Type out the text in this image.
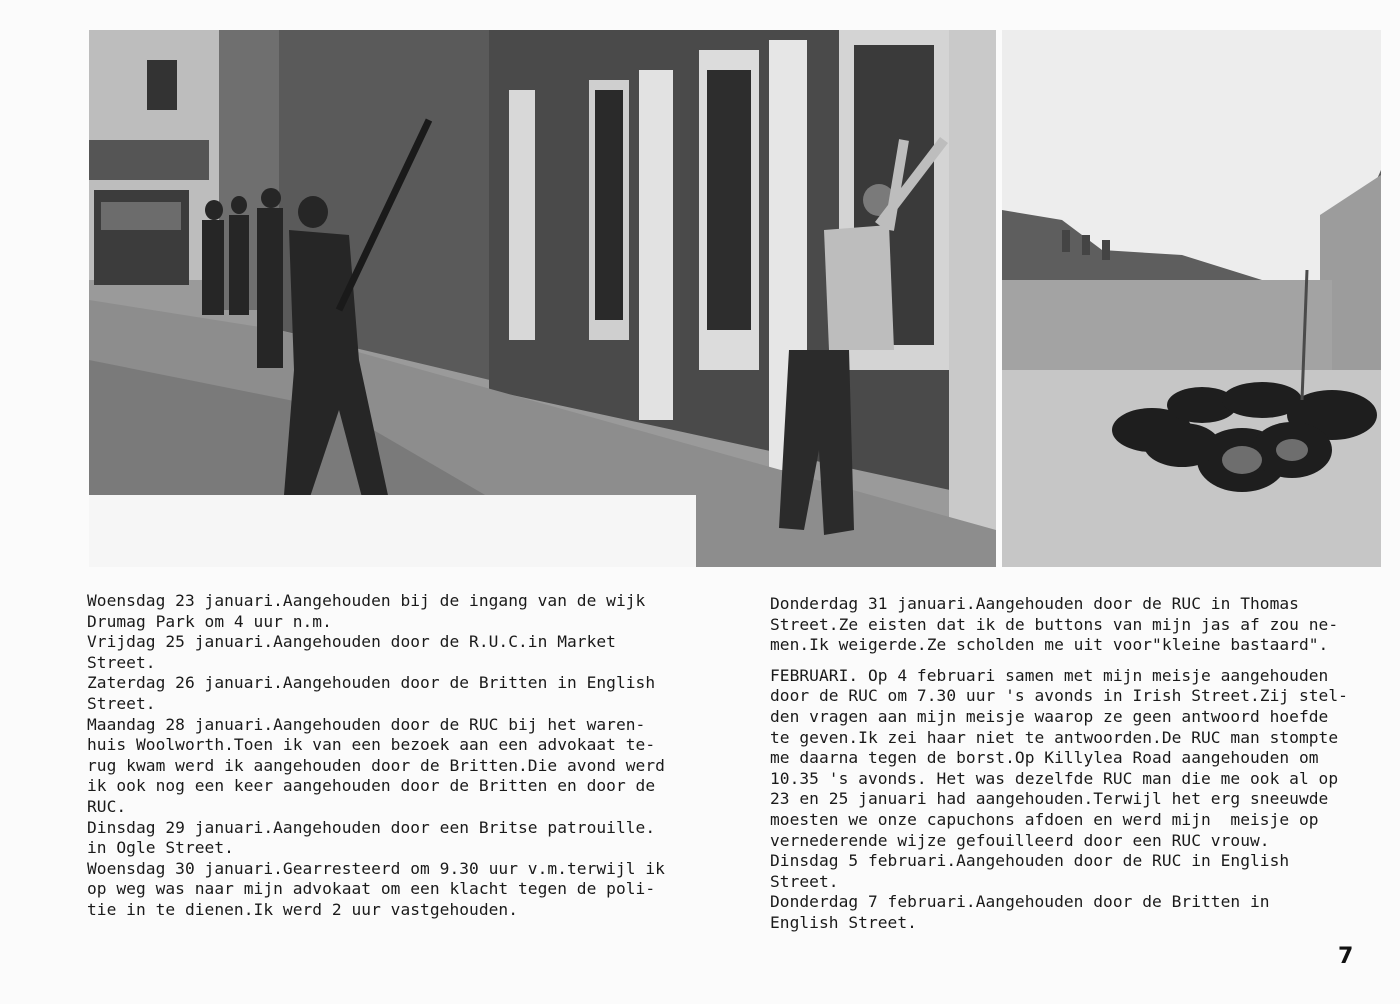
Woensdag 23 januari.Aangehouden bij de ingang van de wijk
Drumag Park om 4 uur n.m.
Vrijdag 25 januari.Aangehouden door de R.U.C.in Market
Street.
Zaterdag 26 januari.Aangehouden door de Britten in English
Street.
Maandag 28 januari.Aangehouden door de RUC bij het waren-
huis Woolworth.Toen ik van een bezoek aan een advokaat te-
rug kwam werd ik aangehouden door de Britten.Die avond werd
ik ook nog een keer aangehouden door de Britten en door de
RUC.
Dinsdag 29 januari.Aangehouden door een Britse patrouille.
in Ogle Street.
Woensdag 30 januari.Gearresteerd om 9.30 uur v.m.terwijl ik
op weg was naar mijn advokaat om een klacht tegen de poli-
tie in te dienen.Ik werd 2 uur vastgehouden.
Donderdag 31 januari.Aangehouden door de RUC in Thomas
Street.Ze eisten dat ik de buttons van mijn jas af zou ne-
men.Ik weigerde.Ze scholden me uit voor"kleine bastaard".
FEBRUARI. Op 4 februari samen met mijn meisje aangehouden
door de RUC om 7.30 uur 's avonds in Irish Street.Zij stel-
den vragen aan mijn meisje waarop ze geen antwoord hoefde
te geven.Ik zei haar niet te antwoorden.De RUC man stompte
me daarna tegen de borst.Op Killylea Road aangehouden om
10.35 's avonds. Het was dezelfde RUC man die me ook al op
23 en 25 januari had aangehouden.Terwijl het erg sneeuwde
moesten we onze capuchons afdoen en werd mijn  meisje op
vernederende wijze gefouilleerd door een RUC vrouw.
Dinsdag 5 februari.Aangehouden door de RUC in English
Street.
Donderdag 7 februari.Aangehouden door de Britten in
English Street.
7
